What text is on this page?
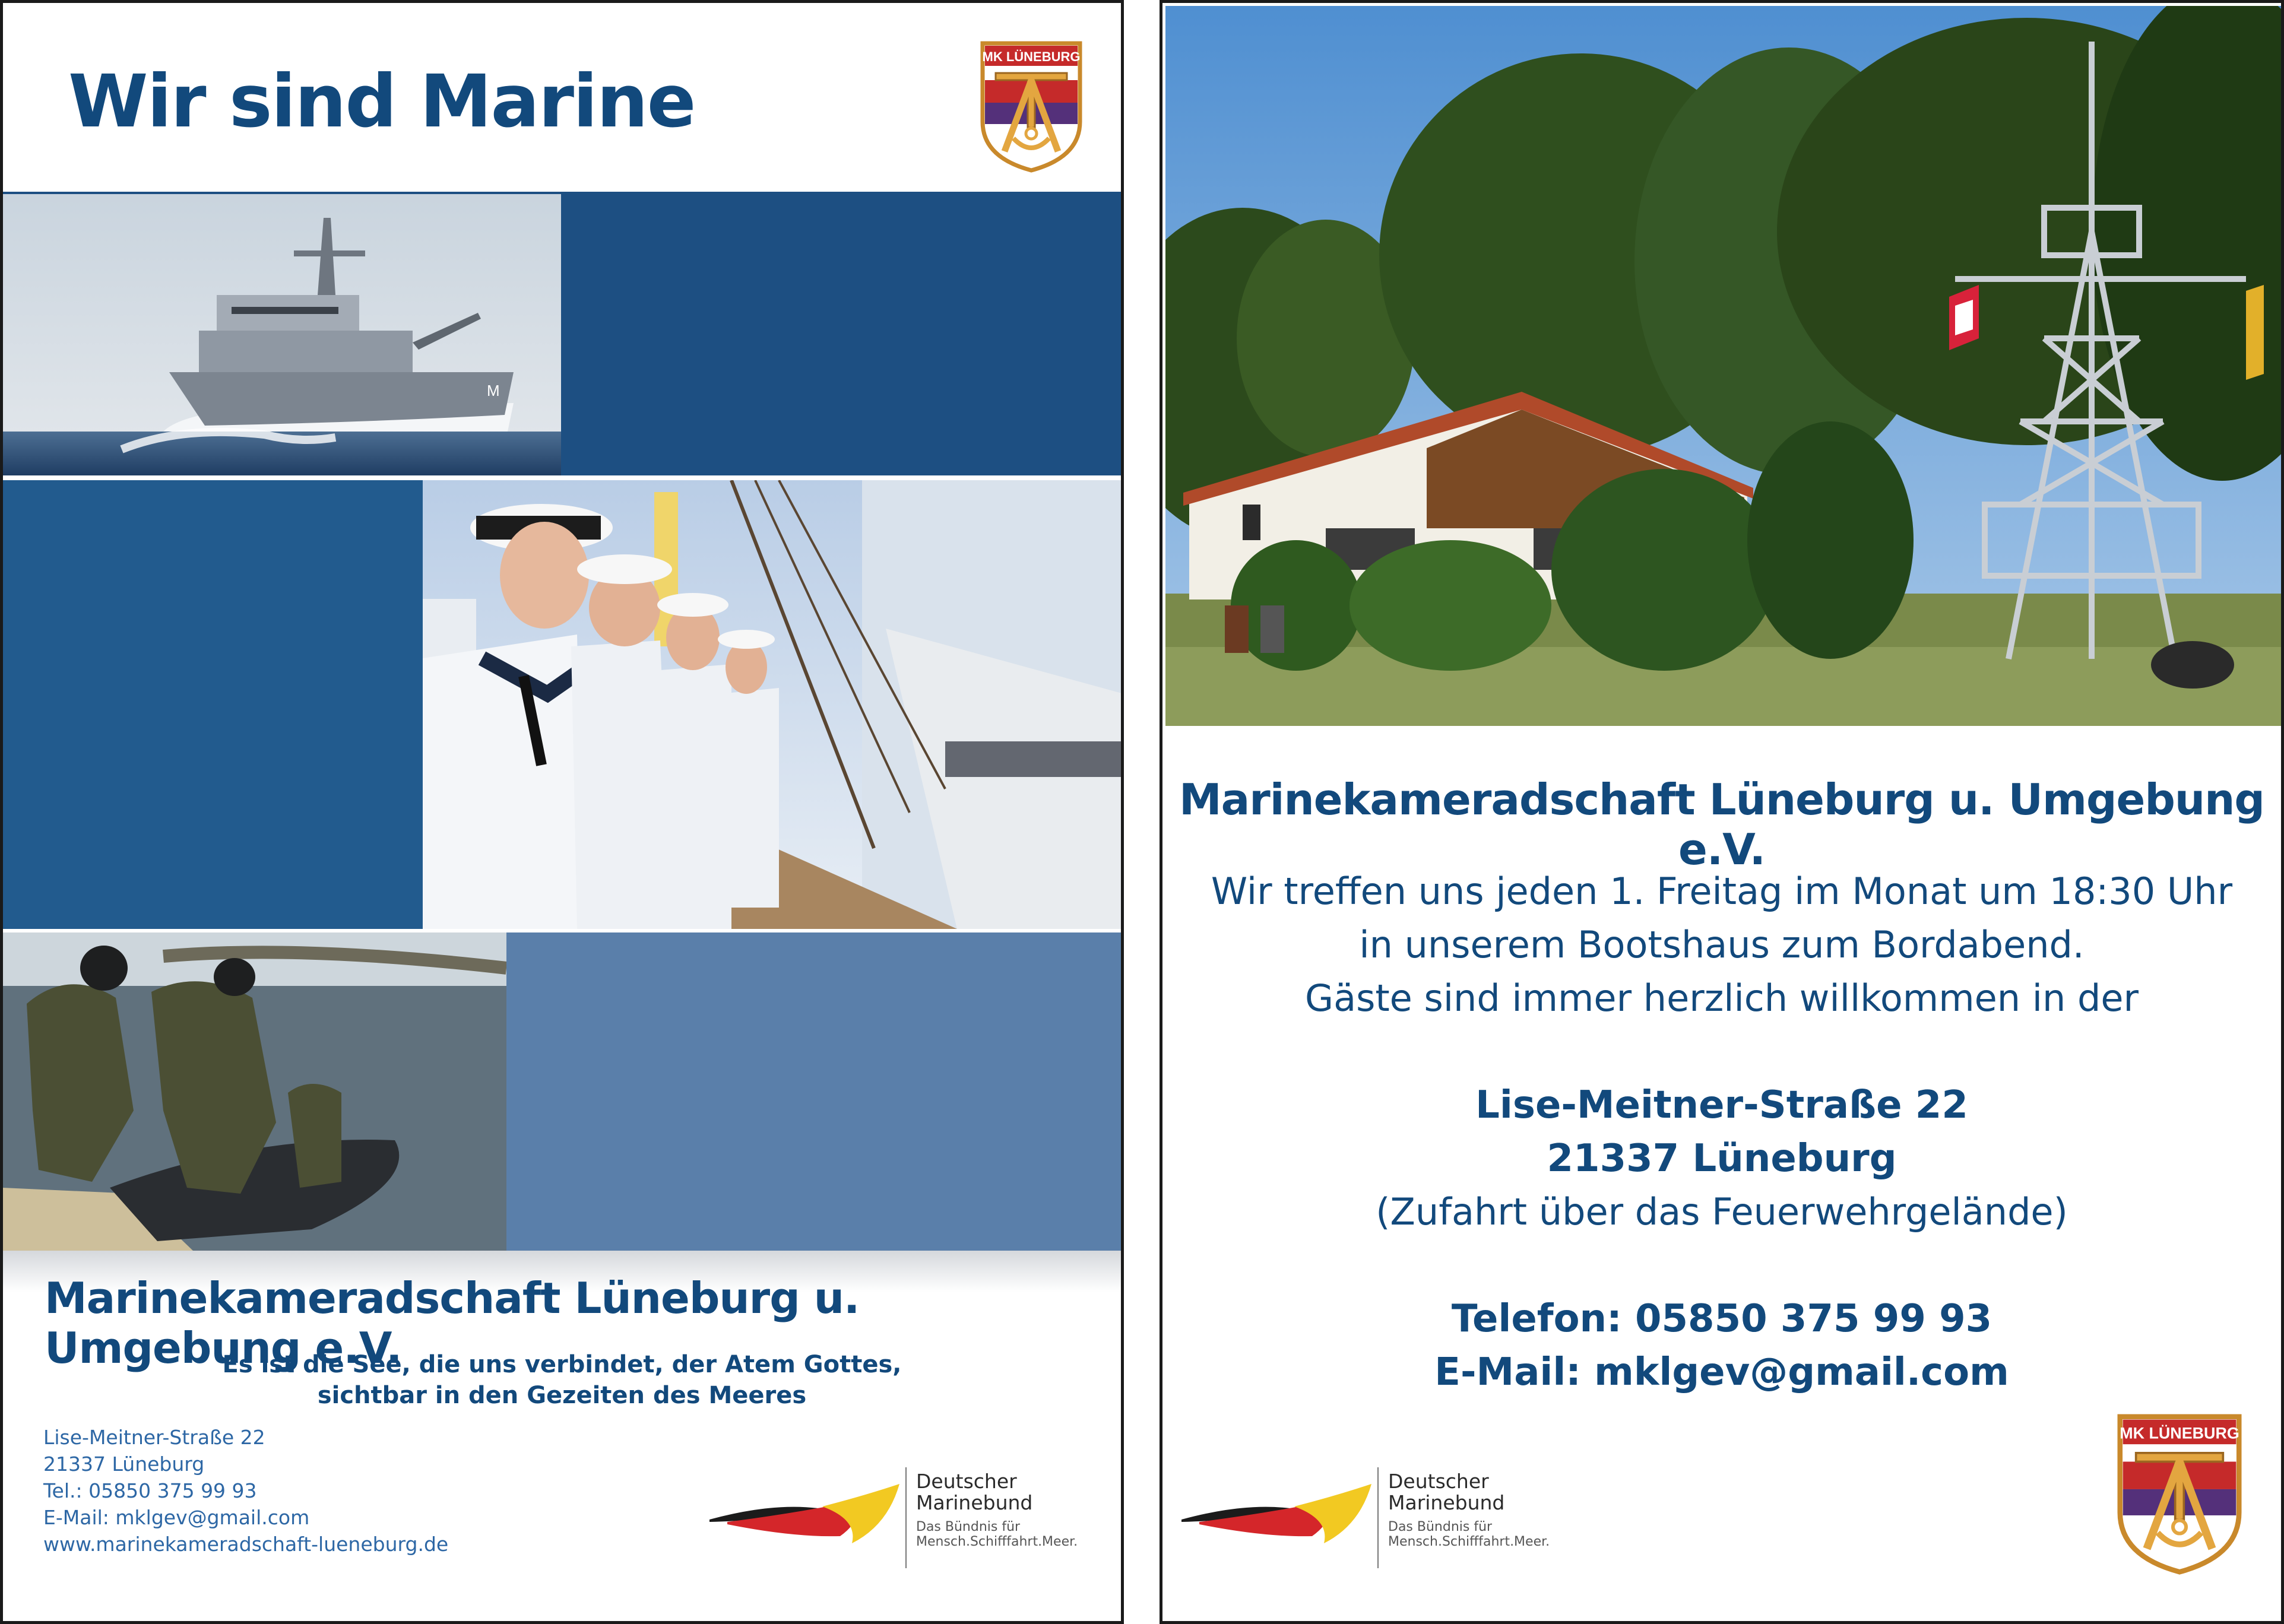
Wir sind Marine
MK LÜNEBURG
M
Marinekameradschaft Lüneburg u. Umgebung e.V.
Es ist die See, die uns verbindet, der Atem Gottes,
sichtbar in den Gezeiten des Meeres
Lise-Meitner-Straße 22
21337 Lüneburg
Tel.: 05850 375 99 93
E-Mail: mklgev@gmail.com
www.marinekameradschaft-lueneburg.de
Deutscher
Marinebund
Das Bündnis für
Mensch.Schifffahrt.Meer.
Marinekameradschaft Lüneburg u. Umgebung e.V.
Wir treffen uns jeden 1. Freitag im Monat um 18:30 Uhr
in unserem Bootshaus zum Bordabend.
Gäste sind immer herzlich willkommen in der
Lise-Meitner-Straße 22
21337 Lüneburg
(Zufahrt über das Feuerwehrgelände)
Telefon: 05850 375 99 93
E-Mail: mklgev@gmail.com
MK LÜNEBURG
Deutscher
Marinebund
Das Bündnis für
Mensch.Schifffahrt.Meer.
